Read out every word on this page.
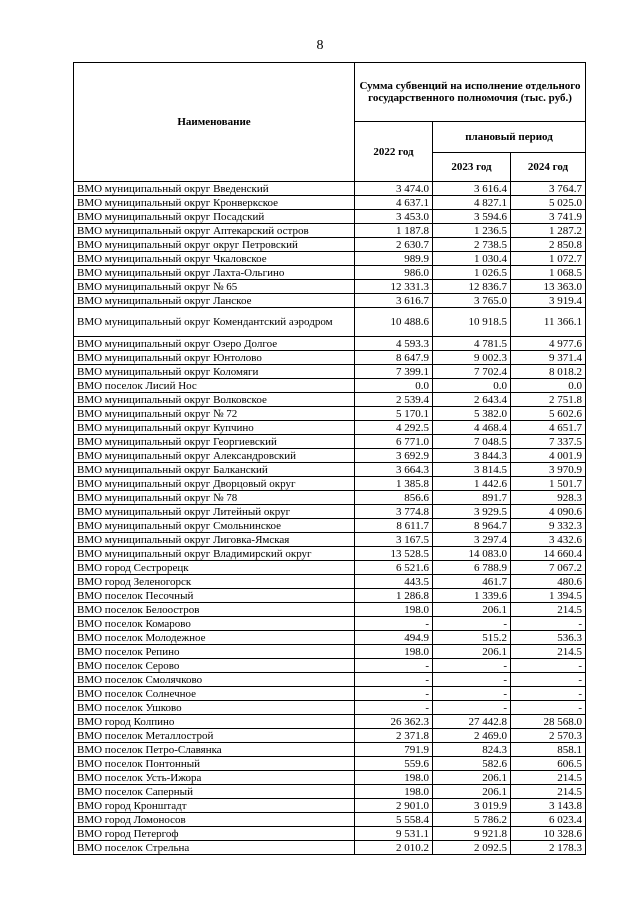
8
Наименование	Сумма субвенций на исполнение отдельного государственного полномочия (тыс. руб.)		
	2022 год	плановый период	
		2023 год	2024 год
ВМО муниципальный округ Введенский	3 474.0	3 616.4	3 764.7
ВМО муниципальный округ Кронверкское	4 637.1	4 827.1	5 025.0
ВМО муниципальный округ Посадский	3 453.0	3 594.6	3 741.9
ВМО муниципальный округ Аптекарский остров	1 187.8	1 236.5	1 287.2
ВМО муниципальный округ округ Петровский	2 630.7	2 738.5	2 850.8
ВМО муниципальный округ Чкаловское	989.9	1 030.4	1 072.7
ВМО муниципальный округ Лахта-Ольгино	986.0	1 026.5	1 068.5
ВМО муниципальный округ № 65	12 331.3	12 836.7	13 363.0
ВМО муниципальный округ Ланское	3 616.7	3 765.0	3 919.4
ВМО муниципальный округ Комендантский аэродром	10 488.6	10 918.5	11 366.1
ВМО муниципальный округ Озеро Долгое	4 593.3	4 781.5	4 977.6
ВМО муниципальный округ Юнтолово	8 647.9	9 002.3	9 371.4
ВМО муниципальный округ Коломяги	7 399.1	7 702.4	8 018.2
ВМО поселок Лисий Нос	0.0	0.0	0.0
ВМО муниципальный округ Волковское	2 539.4	2 643.4	2 751.8
ВМО муниципальный округ № 72	5 170.1	5 382.0	5 602.6
ВМО муниципальный округ Купчино	4 292.5	4 468.4	4 651.7
ВМО муниципальный округ Георгиевский	6 771.0	7 048.5	7 337.5
ВМО муниципальный округ Александровский	3 692.9	3 844.3	4 001.9
ВМО муниципальный округ Балканский	3 664.3	3 814.5	3 970.9
ВМО муниципальный округ Дворцовый округ	1 385.8	1 442.6	1 501.7
ВМО муниципальный округ № 78	856.6	891.7	928.3
ВМО муниципальный округ Литейный округ	3 774.8	3 929.5	4 090.6
ВМО муниципальный округ Смольнинское	8 611.7	8 964.7	9 332.3
ВМО муниципальный округ Лиговка-Ямская	3 167.5	3 297.4	3 432.6
ВМО муниципальный округ Владимирский округ	13 528.5	14 083.0	14 660.4
ВМО город Сестрорецк	6 521.6	6 788.9	7 067.2
ВМО город Зеленогорск	443.5	461.7	480.6
ВМО поселок Песочный	1 286.8	1 339.6	1 394.5
ВМО поселок Белоостров	198.0	206.1	214.5
ВМО поселок Комарово	-	-	-
ВМО поселок Молодежное	494.9	515.2	536.3
ВМО поселок Репино	198.0	206.1	214.5
ВМО поселок Серово	-	-	-
ВМО поселок Смолячково	-	-	-
ВМО поселок Солнечное	-	-	-
ВМО поселок Ушково	-	-	-
ВМО город Колпино	26 362.3	27 442.8	28 568.0
ВМО поселок Металлострой	2 371.8	2 469.0	2 570.3
ВМО поселок Петро-Славянка	791.9	824.3	858.1
ВМО поселок Понтонный	559.6	582.6	606.5
ВМО поселок Усть-Ижора	198.0	206.1	214.5
ВМО поселок Саперный	198.0	206.1	214.5
ВМО город Кронштадт	2 901.0	3 019.9	3 143.8
ВМО город Ломоносов	5 558.4	5 786.2	6 023.4
ВМО город Петергоф	9 531.1	9 921.8	10 328.6
ВМО поселок Стрельна	2 010.2	2 092.5	2 178.3
